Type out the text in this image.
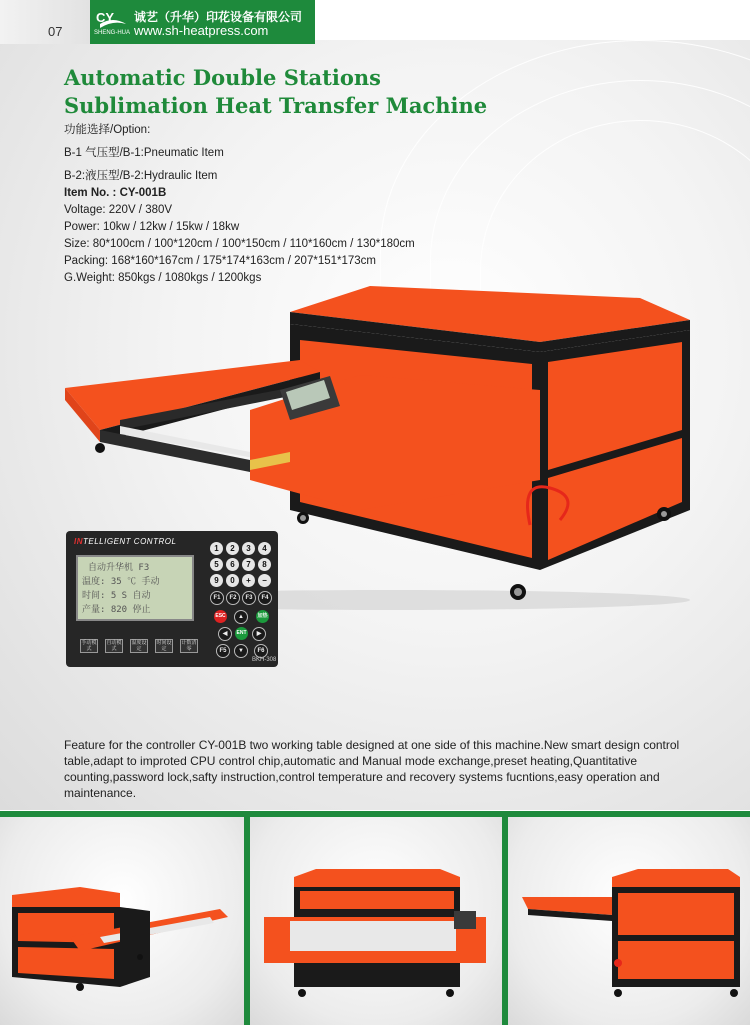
07
CY
SHENG-HUA
诚艺（升华）印花设备有限公司
www.sh-heatpress.com
Automatic Double Stations
Sublimation Heat Transfer Machine
功能选择/Option:
B-1 气压型/B-1:Pneumatic Item
B-2:液压型/B-2:Hydraulic Item
Item No. : CY-001B
Voltage: 220V / 380V
Power: 10kw / 12kw / 15kw / 18kw
Size: 80*100cm / 100*120cm / 100*150cm / 110*160cm / 130*180cm
Packing: 168*160*167cm / 175*174*163cm / 207*151*173cm
G.Weight: 850kgs / 1080kgs / 1200kgs
INTELLIGENT CONTROL
自动升华机 F3
温度: 35 ℃ 手动
时间: 5 S 自动
产量: 820 停止
1	2	3	4
5	6	7	8
9	0	+	−
F1	F2	F3	F4
ESC	▲	加热
◀	ENT	▶
F5	▼	F6
手动模式
自动模式
温度设定
时间设定
计数清零
BKH-308
Feature for the controller CY-001B two working table designed at one side of this machine.New smart design control table,adapt to improted CPU control chip,automatic and Manual mode exchange,preset heating,Quantitative counting,password lock,safty instruction,control temperature and recovery systems fucntions,easy operation and maintenance.
